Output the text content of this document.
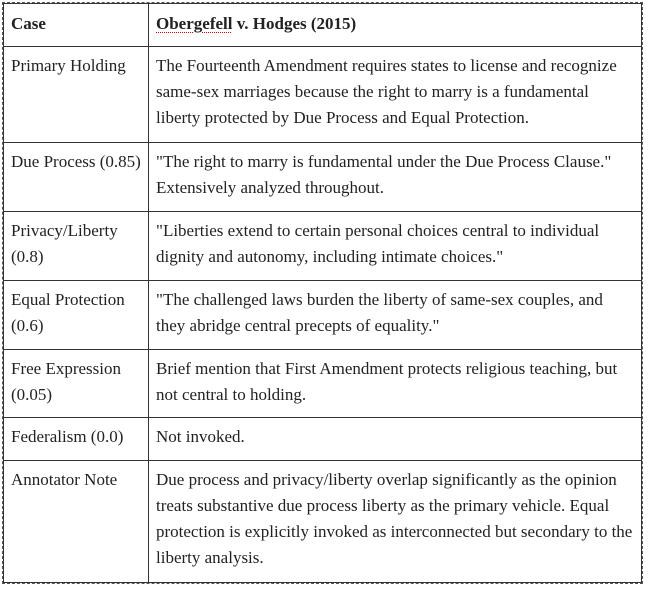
Case	Obergefell v. Hodges (2015)
Primary Holding	The Fourteenth Amendment requires states to license and recognize same-sex marriages because the right to marry is a fundamental liberty protected by Due Process and Equal Protection.
Due Process (0.85)	"The right to marry is fundamental under the Due Process Clause." Extensively analyzed throughout.
Privacy/Liberty (0.8)	"Liberties extend to certain personal choices central to individual dignity and autonomy, including intimate choices."
Equal Protection (0.6)	"The challenged laws burden the liberty of same-sex couples, and they abridge central precepts of equality."
Free Expression (0.05)	Brief mention that First Amendment protects religious teaching, but not central to holding.
Federalism (0.0)	Not invoked.
Annotator Note	Due process and privacy/liberty overlap significantly as the opinion treats substantive due process liberty as the primary vehicle. Equal protection is explicitly invoked as interconnected but secondary to the liberty analysis.
